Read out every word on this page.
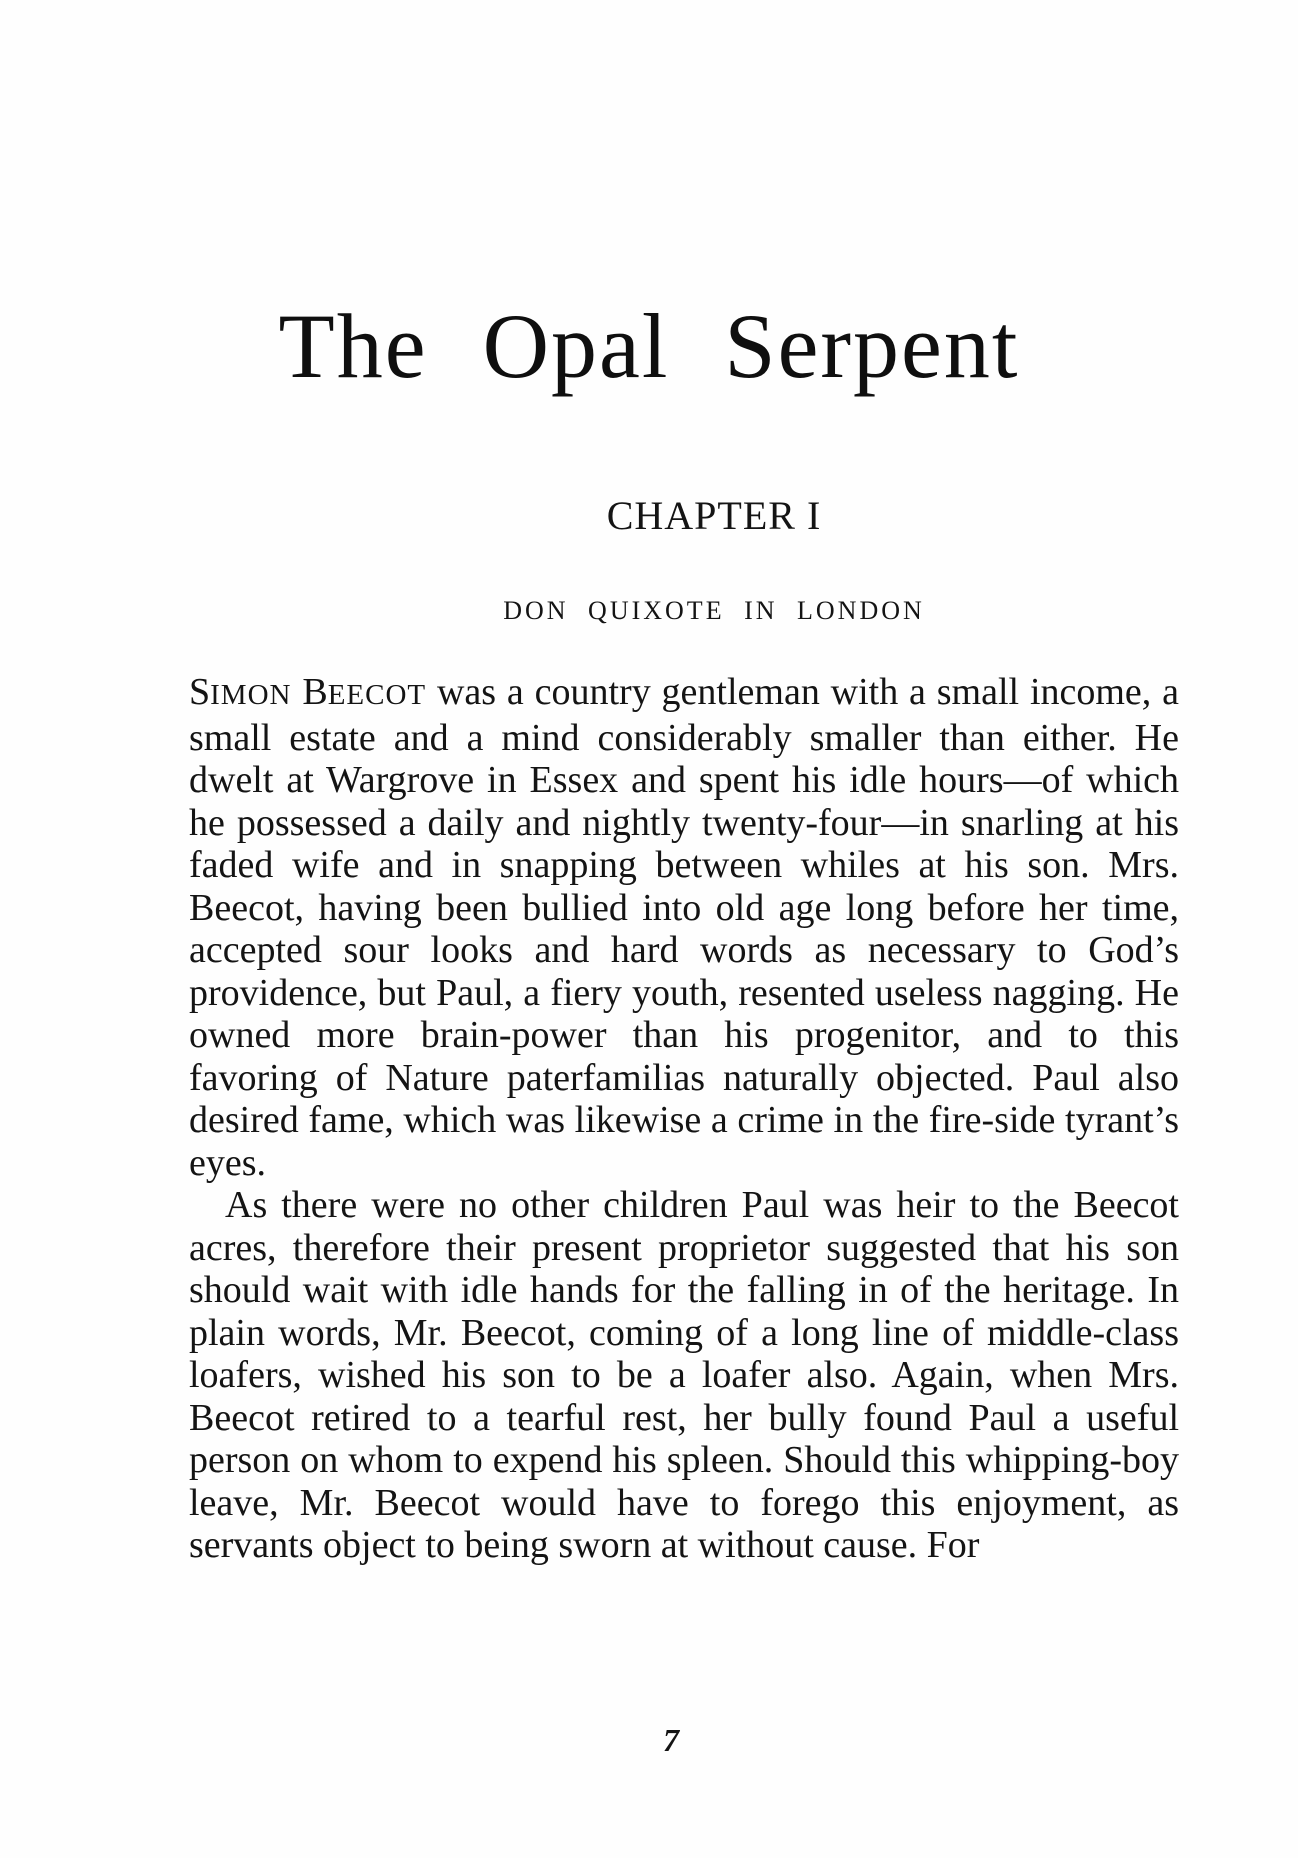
The Opal Serpent
CHAPTER I
DON QUIXOTE IN LONDON

SIMON BEECOT was a country gentleman with a small income, a small estate and a mind considerably smaller than either. He dwelt at Wargrove in Essex and spent his idle hours—of which he possessed a daily and nightly twenty-four—in snarling at his faded wife and in snapping between whiles at his son. Mrs. Beecot, having been bullied into old age long before her time, accepted sour looks and hard words as necessary to God’s providence, but Paul, a fiery youth, resented useless nagging. He owned more brain-power than his progenitor, and to this favoring of Nature paterfamilias naturally objected. Paul also desired fame, which was likewise a crime in the fire-side tyrant’s eyes.

As there were no other children Paul was heir to the Beecot acres, therefore their present proprietor suggested that his son should wait with idle hands for the falling in of the heritage. In plain words, Mr. Beecot, coming of a long line of middle-class loafers, wished his son to be a loafer also. Again, when Mrs. Beecot retired to a tearful rest, her bully found Paul a useful person on whom to expend his spleen. Should this whipping-boy leave, Mr. Beecot would have to forego this enjoyment, as servants object to being sworn at without cause. For

7
